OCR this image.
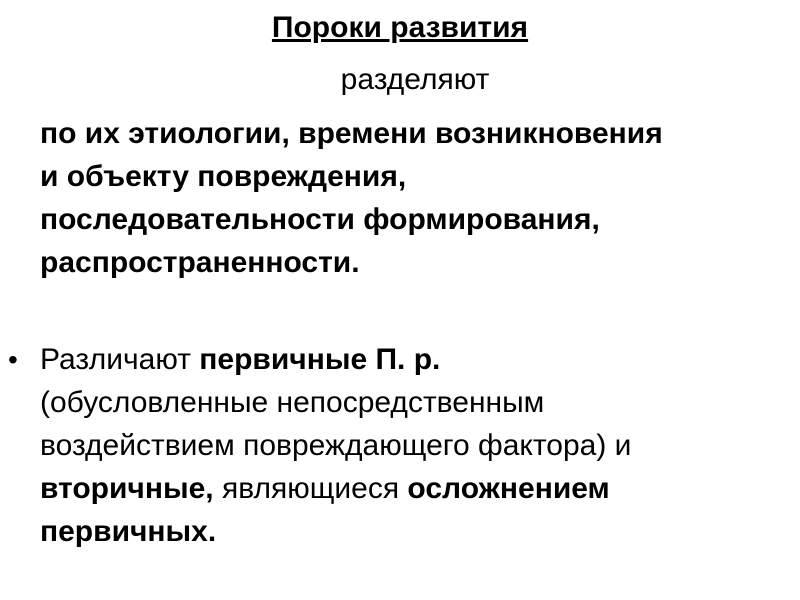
Пороки развития
разделяют
по их этиологии, времени возникновения
и объекту повреждения,
последовательности формирования,
распространенности.
• Различают первичные П. р.
(обусловленные непосредственным
воздействием повреждающего фактора) и
вторичные, являющиеся осложнением
первичных.
